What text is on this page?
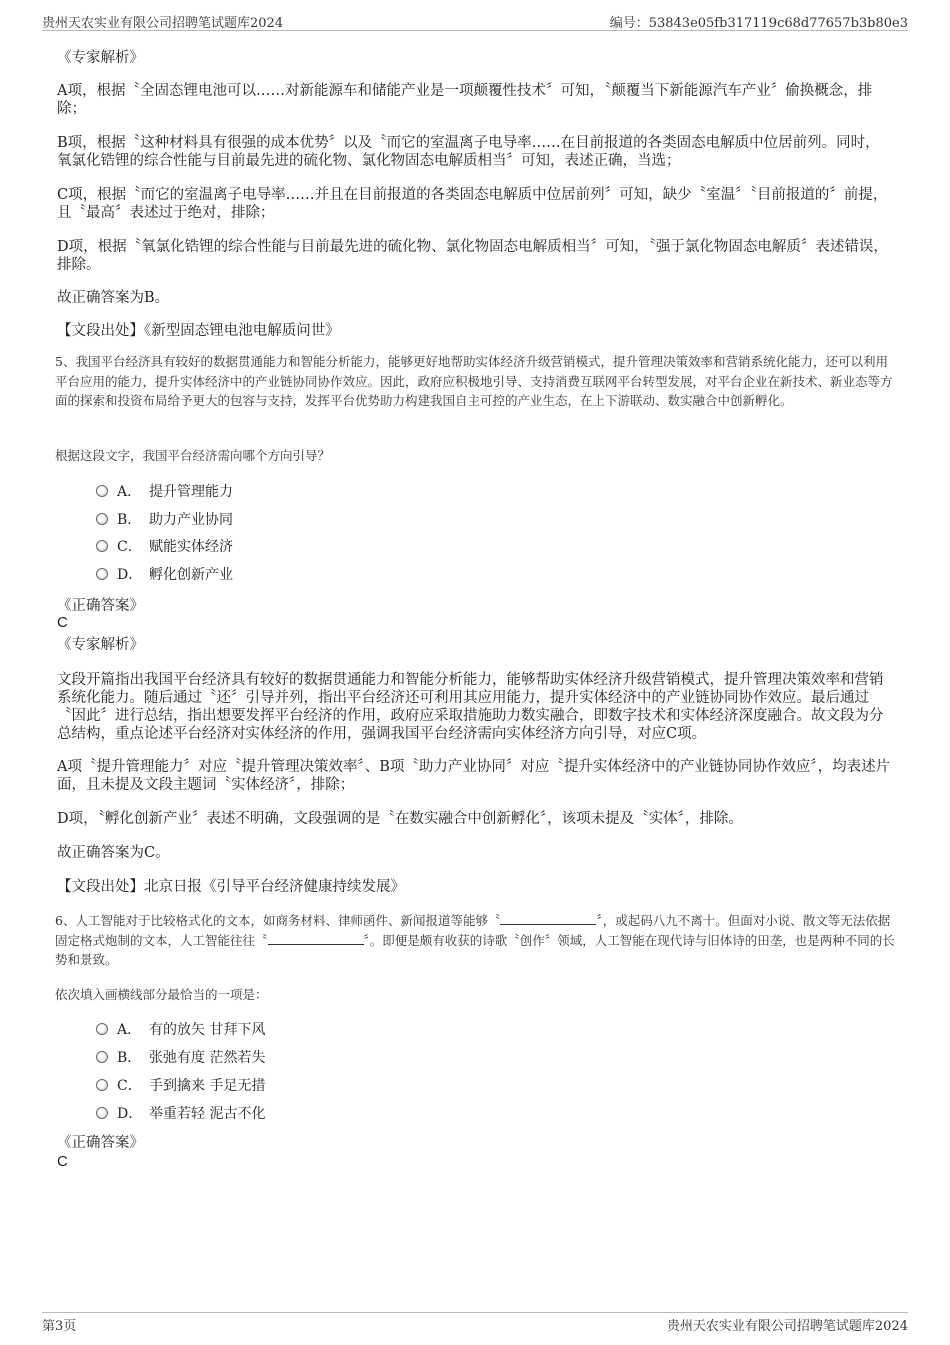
贵州天农实业有限公司招聘笔试题库2024	编号：53843e05fb317119c68d77657b3b80e3
《专家解析》
A项，根据〝全固态锂电池可以……对新能源车和储能产业是一项颠覆性技术〞可知，〝颠覆当下新能源汽车产业〞偷换概念，排除；
B项，根据〝这种材料具有很强的成本优势〞以及〝而它的室温离子电导率……在目前报道的各类固态电解质中位居前列。同时，氧氯化锆锂的综合性能与目前最先进的硫化物、氯化物固态电解质相当〞可知，表述正确，当选；
C项，根据〝而它的室温离子电导率……并且在目前报道的各类固态电解质中位居前列〞可知，缺少〝室温〞〝目前报道的〞前提，且〝最高〞表述过于绝对，排除；
D项，根据〝氧氯化锆锂的综合性能与目前最先进的硫化物、氯化物固态电解质相当〞可知，〝强于氯化物固态电解质〞表述错误，排除。
故正确答案为B。
【文段出处】《新型固态锂电池电解质问世》
5、我国平台经济具有较好的数据贯通能力和智能分析能力，能够更好地帮助实体经济升级营销模式，提升管理决策效率和营销系统化能力，还可以利用平台应用的能力，提升实体经济中的产业链协同协作效应。因此，政府应积极地引导、支持消费互联网平台转型发展，对平台企业在新技术、新业态等方面的探索和投资布局给予更大的包容与支持，发挥平台优势助力构建我国自主可控的产业生态，在上下游联动、数实融合中创新孵化。
根据这段文字，我国平台经济需向哪个方向引导？
A． 提升管理能力
B． 助力产业协同
C． 赋能实体经济
D． 孵化创新产业
《正确答案》
C
《专家解析》
文段开篇指出我国平台经济具有较好的数据贯通能力和智能分析能力，能够帮助实体经济升级营销模式，提升管理决策效率和营销系统化能力。随后通过〝还〞引导并列，指出平台经济还可利用其应用能力，提升实体经济中的产业链协同协作效应。最后通过〝因此〞进行总结，指出想要发挥平台经济的作用，政府应采取措施助力数实融合，即数字技术和实体经济深度融合。故文段为分总结构，重点论述平台经济对实体经济的作用，强调我国平台经济需向实体经济方向引导，对应C项。
A项〝提升管理能力〞对应〝提升管理决策效率〞、B项〝助力产业协同〞对应〝提升实体经济中的产业链协同协作效应〞，均表述片面，且未提及文段主题词〝实体经济〞，排除；
D项，〝孵化创新产业〞表述不明确，文段强调的是〝在数实融合中创新孵化〞，该项未提及〝实体〞，排除。
故正确答案为C。
【文段出处】北京日报《引导平台经济健康持续发展》
6、人工智能对于比较格式化的文本，如商务材料、律师函件、新闻报道等能够〝	〞，或起码八九不离十。但面对小说、散文等无法依据固定格式炮制的文本，人工智能往往〝	〞。即便是颇有收获的诗歌〝创作〞领域，人工智能在现代诗与旧体诗的田垄，也是两种不同的长势和景致。
依次填入画横线部分最恰当的一项是：
A． 有的放矢 甘拜下风
B． 张弛有度 茫然若失
C． 手到擒来 手足无措
D． 举重若轻 泥古不化
《正确答案》
C
第3页	贵州天农实业有限公司招聘笔试题库2024
